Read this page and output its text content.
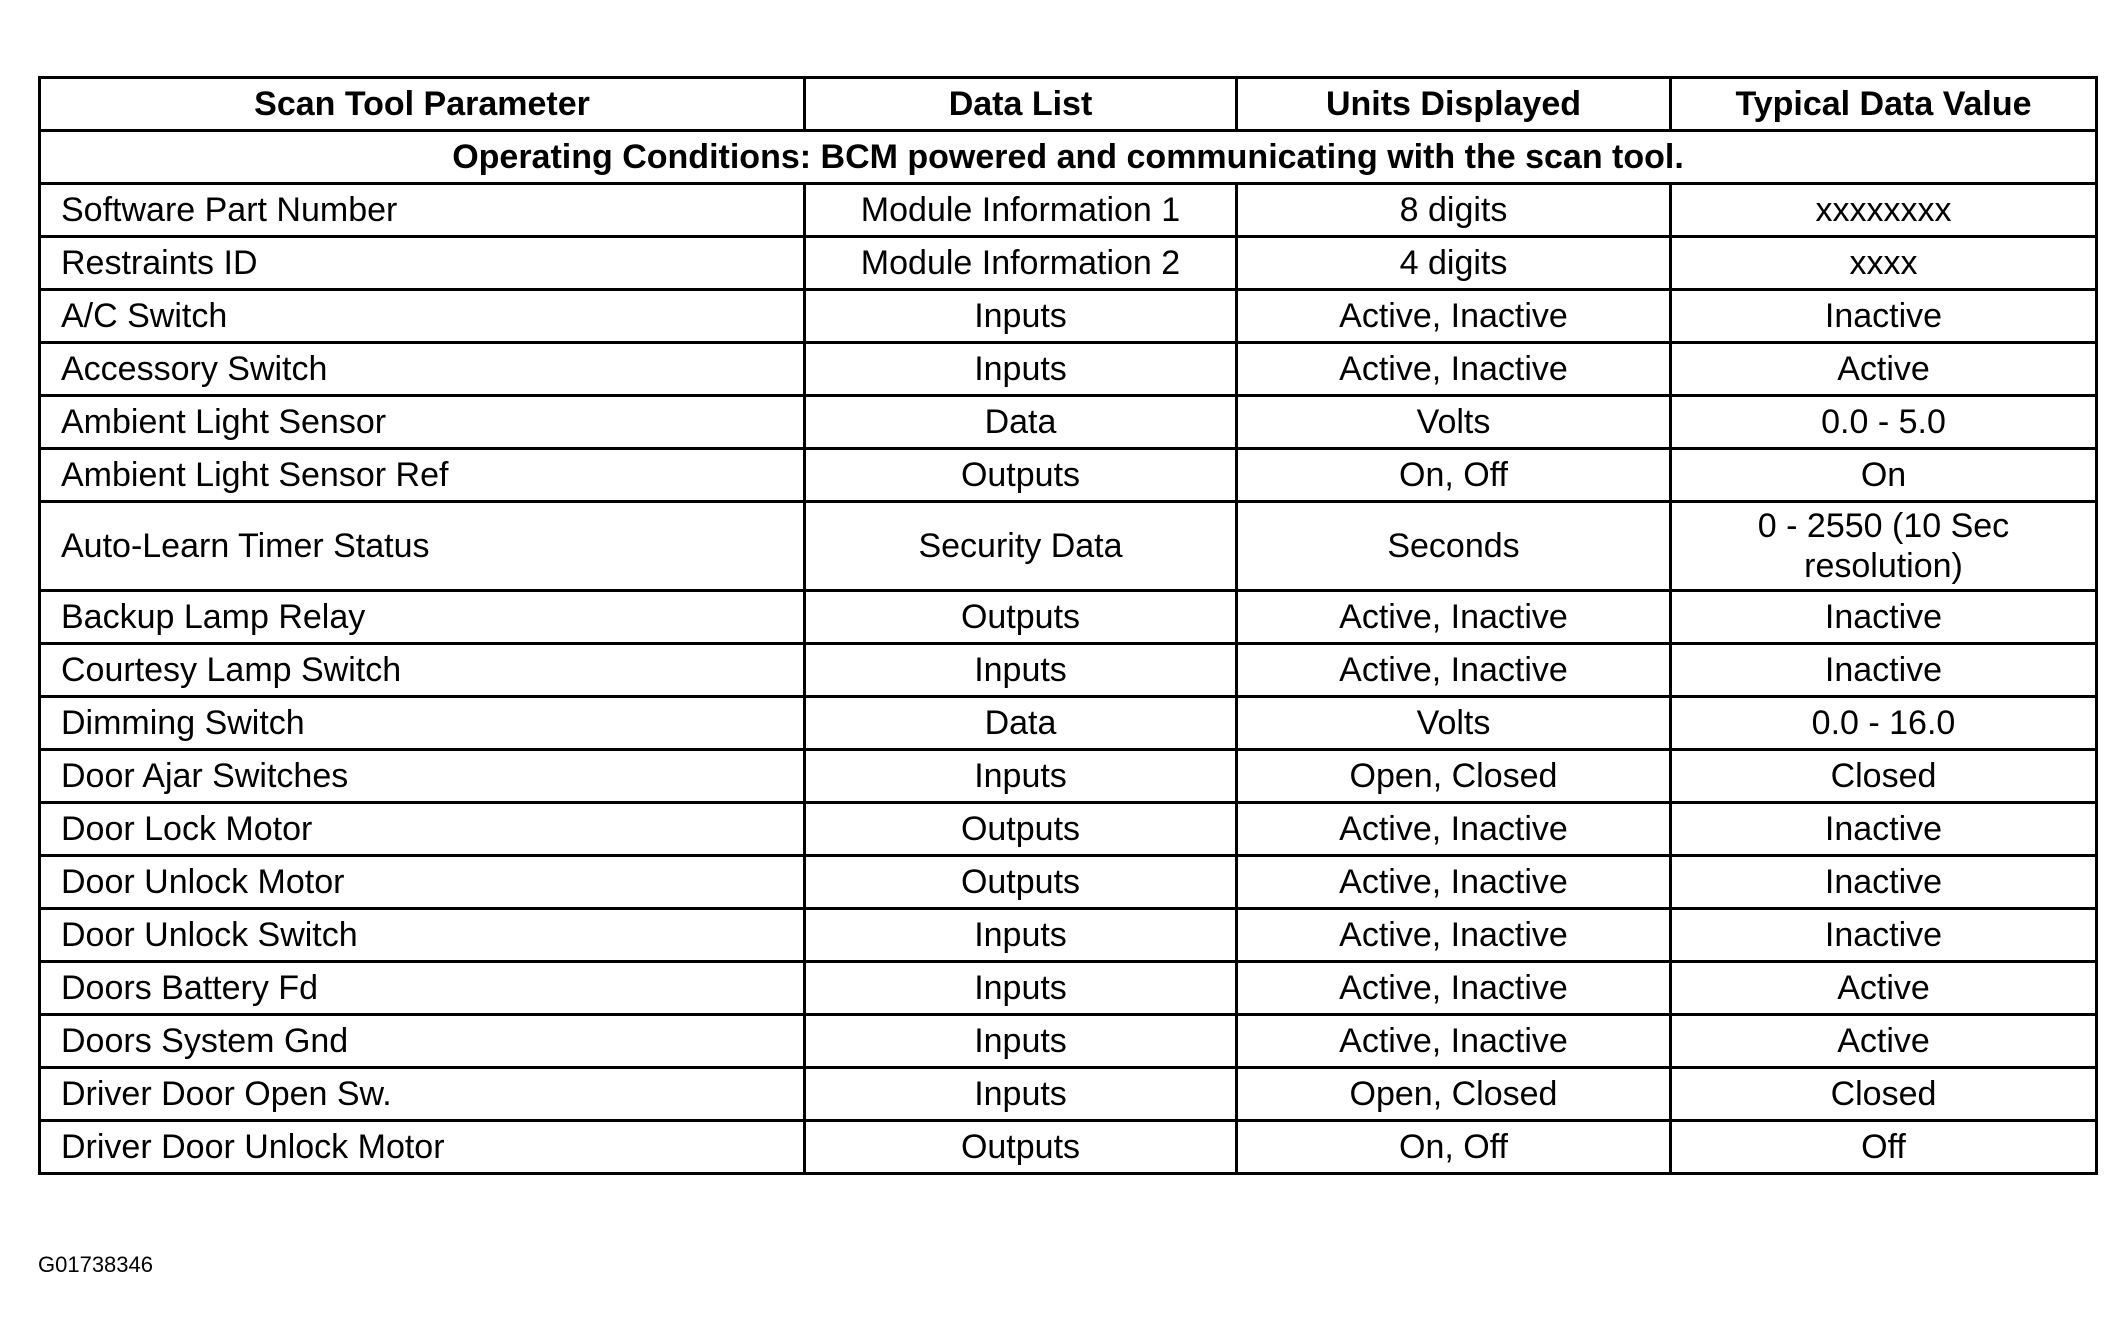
Scan Tool Parameter	Data List	Units Displayed	Typical Data Value
Operating Conditions: BCM powered and communicating with the scan tool.			
Software Part Number	Module Information 1	8 digits	xxxxxxxx
Restraints ID	Module Information 2	4 digits	xxxx
A/C Switch	Inputs	Active, Inactive	Inactive
Accessory Switch	Inputs	Active, Inactive	Active
Ambient Light Sensor	Data	Volts	0.0 - 5.0
Ambient Light Sensor Ref	Outputs	On, Off	On
Auto-Learn Timer Status	Security Data	Seconds	0 - 2550 (10 Sec resolution)
Backup Lamp Relay	Outputs	Active, Inactive	Inactive
Courtesy Lamp Switch	Inputs	Active, Inactive	Inactive
Dimming Switch	Data	Volts	0.0 - 16.0
Door Ajar Switches	Inputs	Open, Closed	Closed
Door Lock Motor	Outputs	Active, Inactive	Inactive
Door Unlock Motor	Outputs	Active, Inactive	Inactive
Door Unlock Switch	Inputs	Active, Inactive	Inactive
Doors Battery Fd	Inputs	Active, Inactive	Active
Doors System Gnd	Inputs	Active, Inactive	Active
Driver Door Open Sw.	Inputs	Open, Closed	Closed
Driver Door Unlock Motor	Outputs	On, Off	Off
G01738346
